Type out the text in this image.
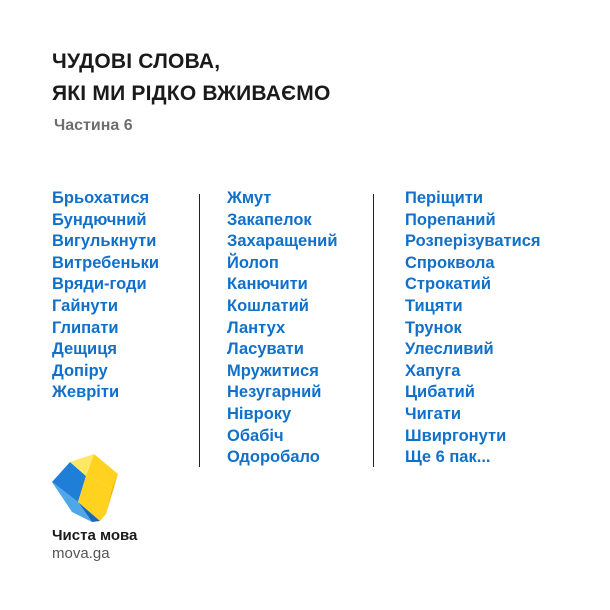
ЧУДОВІ СЛОВА,
ЯКІ МИ РІДКО ВЖИВАЄМО
Частина 6
Брьохатися
Бундючний
Вигулькнути
Витребеньки
Вряди-годи
Гайнути
Глипати
Дещиця
Допіру
Жевріти
Жмут
Закапелок
Захаращений
Йолоп
Канючити
Кошлатий
Лантух
Ласувати
Мружитися
Незугарний
Нівроку
Обабіч
Одоробало
Періщити
Порепаний
Розперізуватися
Спроквола
Строкатий
Тицяти
Трунок
Улесливий
Хапуга
Цибатий
Чигати
Швиргонути
Ще 6 пак...
Чиста мова
mova.ga
